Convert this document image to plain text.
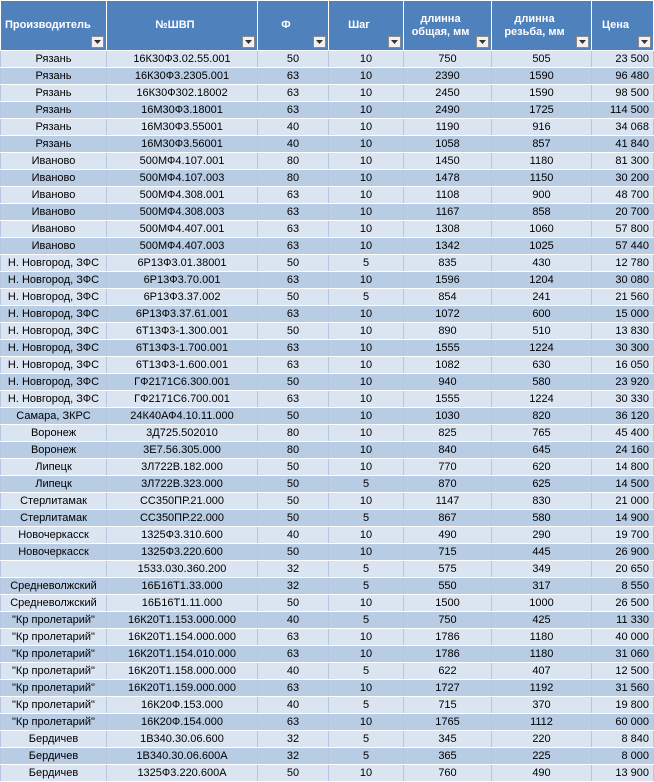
Производитель	№ШВП	Ф	Шаг	длинна общая, мм	длинна резьба, мм	Цена

Рязань	16К30Ф3.02.55.001	50	10	750	505	23 500
Рязань	16К30Ф3.2305.001	63	10	2390	1590	96 480
Рязань	16К30Ф302.18002	63	10	2450	1590	98 500
Рязань	16М30Ф3.18001	63	10	2490	1725	114 500
Рязань	16М30Ф3.55001	40	10	1190	916	34 068
Рязань	16М30Ф3.56001	40	10	1058	857	41 840
Иваново	500МФ4.107.001	80	10	1450	1180	81 300
Иваново	500МФ4.107.003	80	10	1478	1150	30 200
Иваново	500МФ4.308.001	63	10	1108	900	48 700
Иваново	500МФ4.308.003	63	10	1167	858	20 700
Иваново	500МФ4.407.001	63	10	1308	1060	57 800
Иваново	500МФ4.407.003	63	10	1342	1025	57 440
Н. Новгород, ЗФС	6Р13Ф3.01.38001	50	5	835	430	12 780
Н. Новгород, ЗФС	6Р13Ф3.70.001	63	10	1596	1204	30 080
Н. Новгород, ЗФС	6Р13Ф3.37.002	50	5	854	241	21 560
Н. Новгород, ЗФС	6Р13Ф3.37.61.001	63	10	1072	600	15 000
Н. Новгород, ЗФС	6Т13Ф3-1.300.001	50	10	890	510	13 830
Н. Новгород, ЗФС	6Т13Ф3-1.700.001	63	10	1555	1224	30 300
Н. Новгород, ЗФС	6Т13Ф3-1.600.001	63	10	1082	630	16 050
Н. Новгород, ЗФС	ГФ2171С6.300.001	50	10	940	580	23 920
Н. Новгород, ЗФС	ГФ2171С6.700.001	63	10	1555	1224	30 330
Самара, ЗКРС	24К40АФ4.10.11.000	50	10	1030	820	36 120
Воронеж	3Д725.502010	80	10	825	765	45 400
Воронеж	3Е7.56.305.000	80	10	840	645	24 160
Липецк	3Л722В.182.000	50	10	770	620	14 800
Липецк	3Л722В.323.000	50	5	870	625	14 500
Стерлитамак	СС350ПР.21.000	50	10	1147	830	21 000
Стерлитамак	СС350ПР.22.000	50	5	867	580	14 900
Новочеркасск	1325Ф3.310.600	40	10	490	290	19 700
Новочеркасск	1325Ф3.220.600	50	10	715	445	26 900
	1533.030.360.200	32	5	575	349	20 650
Средневолжский	16Б16Т1.33.000	32	5	550	317	8 550
Средневолжский	16Б16Т1.11.000	50	10	1500	1000	26 500
"Кр пролетарий"	16К20Т1.153.000.000	40	5	750	425	11 330
"Кр пролетарий"	16К20Т1.154.000.000	63	10	1786	1180	40 000
"Кр пролетарий"	16К20Т1.154.010.000	63	10	1786	1180	31 060
"Кр пролетарий"	16К20Т1.158.000.000	40	5	622	407	12 500
"Кр пролетарий"	16К20Т1.159.000.000	63	10	1727	1192	31 560
"Кр пролетарий"	16К20Ф.153.000	40	5	715	370	19 800
"Кр пролетарий"	16К20Ф.154.000	63	10	1765	1112	60 000
Бердичев	1В340.30.06.600	32	5	345	220	8 840
Бердичев	1В340.30.06.600А	32	5	365	225	8 000
Бердичев	1325Ф3.220.600А	50	10	760	490	13 900
